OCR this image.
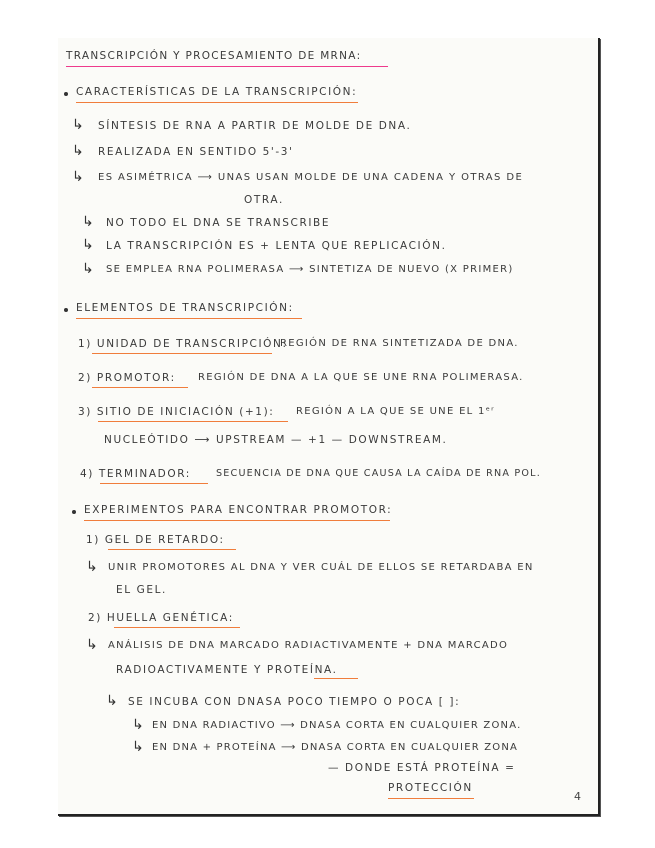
TRANSCRIPCIÓN Y PROCESAMIENTO DE MRNA:
CARACTERÍSTICAS DE LA TRANSCRIPCIÓN:
↳ SÍNTESIS DE RNA A PARTIR DE MOLDE DE DNA.
↳ REALIZADA EN SENTIDO 5'-3'
↳ ES ASIMÉTRICA ⟶ UNAS USAN MOLDE DE UNA CADENA Y OTRAS DE
OTRA.
↳ NO TODO EL DNA SE TRANSCRIBE
↳ LA TRANSCRIPCIÓN ES + LENTA QUE REPLICACIÓN.
↳ SE EMPLEA RNA POLIMERASA ⟶ SINTETIZA DE NUEVO (X PRIMER)
ELEMENTOS DE TRANSCRIPCIÓN:
1) UNIDAD DE TRANSCRIPCIÓN:
REGIÓN DE RNA SINTETIZADA DE DNA.
2) PROMOTOR: REGIÓN DE DNA A LA QUE SE UNE RNA POLIMERASA.
3) SITIO DE INICIACIÓN (+1): REGIÓN A LA QUE SE UNE EL 1ᵉʳ
NUCLEÓTIDO ⟶ UPSTREAM — +1 — DOWNSTREAM.
4) TERMINADOR:	SECUENCIA DE DNA QUE CAUSA LA CAÍDA DE RNA POL.
EXPERIMENTOS PARA ENCONTRAR PROMOTOR:
1) GEL DE RETARDO:
↳ UNIR PROMOTORES AL DNA Y VER CUÁL DE ELLOS SE RETARDABA EN
EL GEL.
2) HUELLA GENÉTICA:
↳ ANÁLISIS DE DNA MARCADO RADIACTIVAMENTE + DNA MARCADO
RADIOACTIVAMENTE Y PROTEÍNA.
↳ SE INCUBA CON DNASA POCO TIEMPO O POCA [ ]:
↳ EN DNA RADIACTIVO ⟶ DNASA CORTA EN CUALQUIER ZONA.
↳ EN DNA + PROTEÍNA ⟶ DNASA CORTA EN CUALQUIER ZONA
— DONDE ESTÁ PROTEÍNA =
PROTECCIÓN
4
